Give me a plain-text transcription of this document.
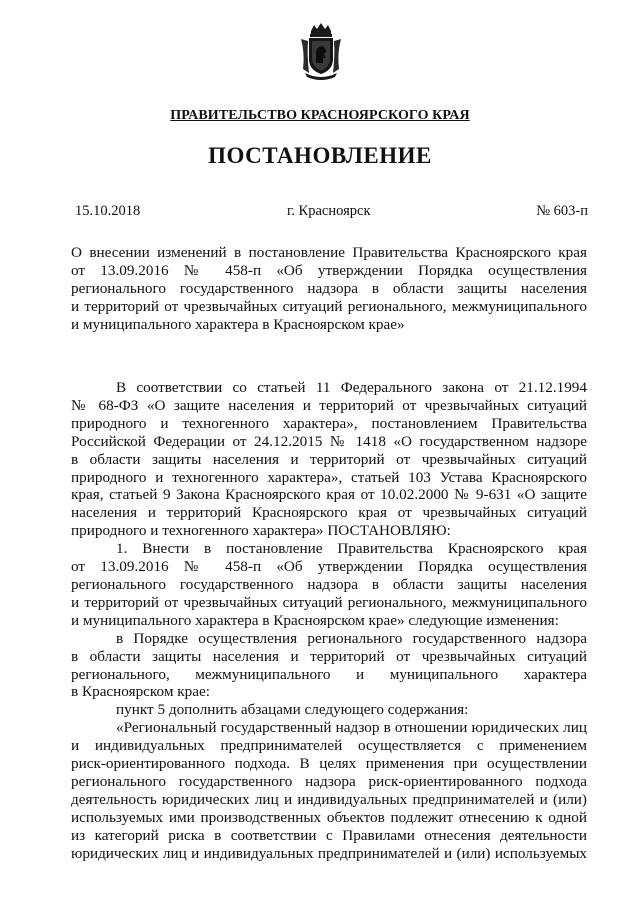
ПРАВИТЕЛЬСТВО КРАСНОЯРСКОГО КРАЯ
ПОСТАНОВЛЕНИЕ
15.10.2018	г. Красноярск	№ 603-п
О внесении изменений в постановление Правительства Красноярского края
от 13.09.2016 № 458-п «Об утверждении Порядка осуществления
регионального государственного надзора в области защиты населения
и территорий от чрезвычайных ситуаций регионального, межмуниципального
и муниципального характера в Красноярском крае»
В соответствии со статьей 11 Федерального закона от 21.12.1994
№ 68-ФЗ «О защите населения и территорий от чрезвычайных ситуаций
природного и техногенного характера», постановлением Правительства
Российской Федерации от 24.12.2015 № 1418 «О государственном надзоре
в области защиты населения и территорий от чрезвычайных ситуаций
природного и техногенного характера», статьей 103 Устава Красноярского
края, статьей 9 Закона Красноярского края от 10.02.2000 № 9-631 «О защите
населения и территорий Красноярского края от чрезвычайных ситуаций
природного и техногенного характера» ПОСТАНОВЛЯЮ:
1. Внести в постановление Правительства Красноярского края
от 13.09.2016 № 458-п «Об утверждении Порядка осуществления
регионального государственного надзора в области защиты населения
и территорий от чрезвычайных ситуаций регионального, межмуниципального
и муниципального характера в Красноярском крае» следующие изменения:
в Порядке осуществления регионального государственного надзора
в области защиты населения и территорий от чрезвычайных ситуаций
регионального, межмуниципального и муниципального характера
в Красноярском крае:
пункт 5 дополнить абзацами следующего содержания:
«Региональный государственный надзор в отношении юридических лиц
и индивидуальных предпринимателей осуществляется с применением
риск-ориентированного подхода. В целях применения при осуществлении
регионального государственного надзора риск-ориентированного подхода
деятельность юридических лиц и индивидуальных предпринимателей и (или)
используемых ими производственных объектов подлежит отнесению к одной
из категорий риска в соответствии с Правилами отнесения деятельности
юридических лиц и индивидуальных предпринимателей и (или) используемых
